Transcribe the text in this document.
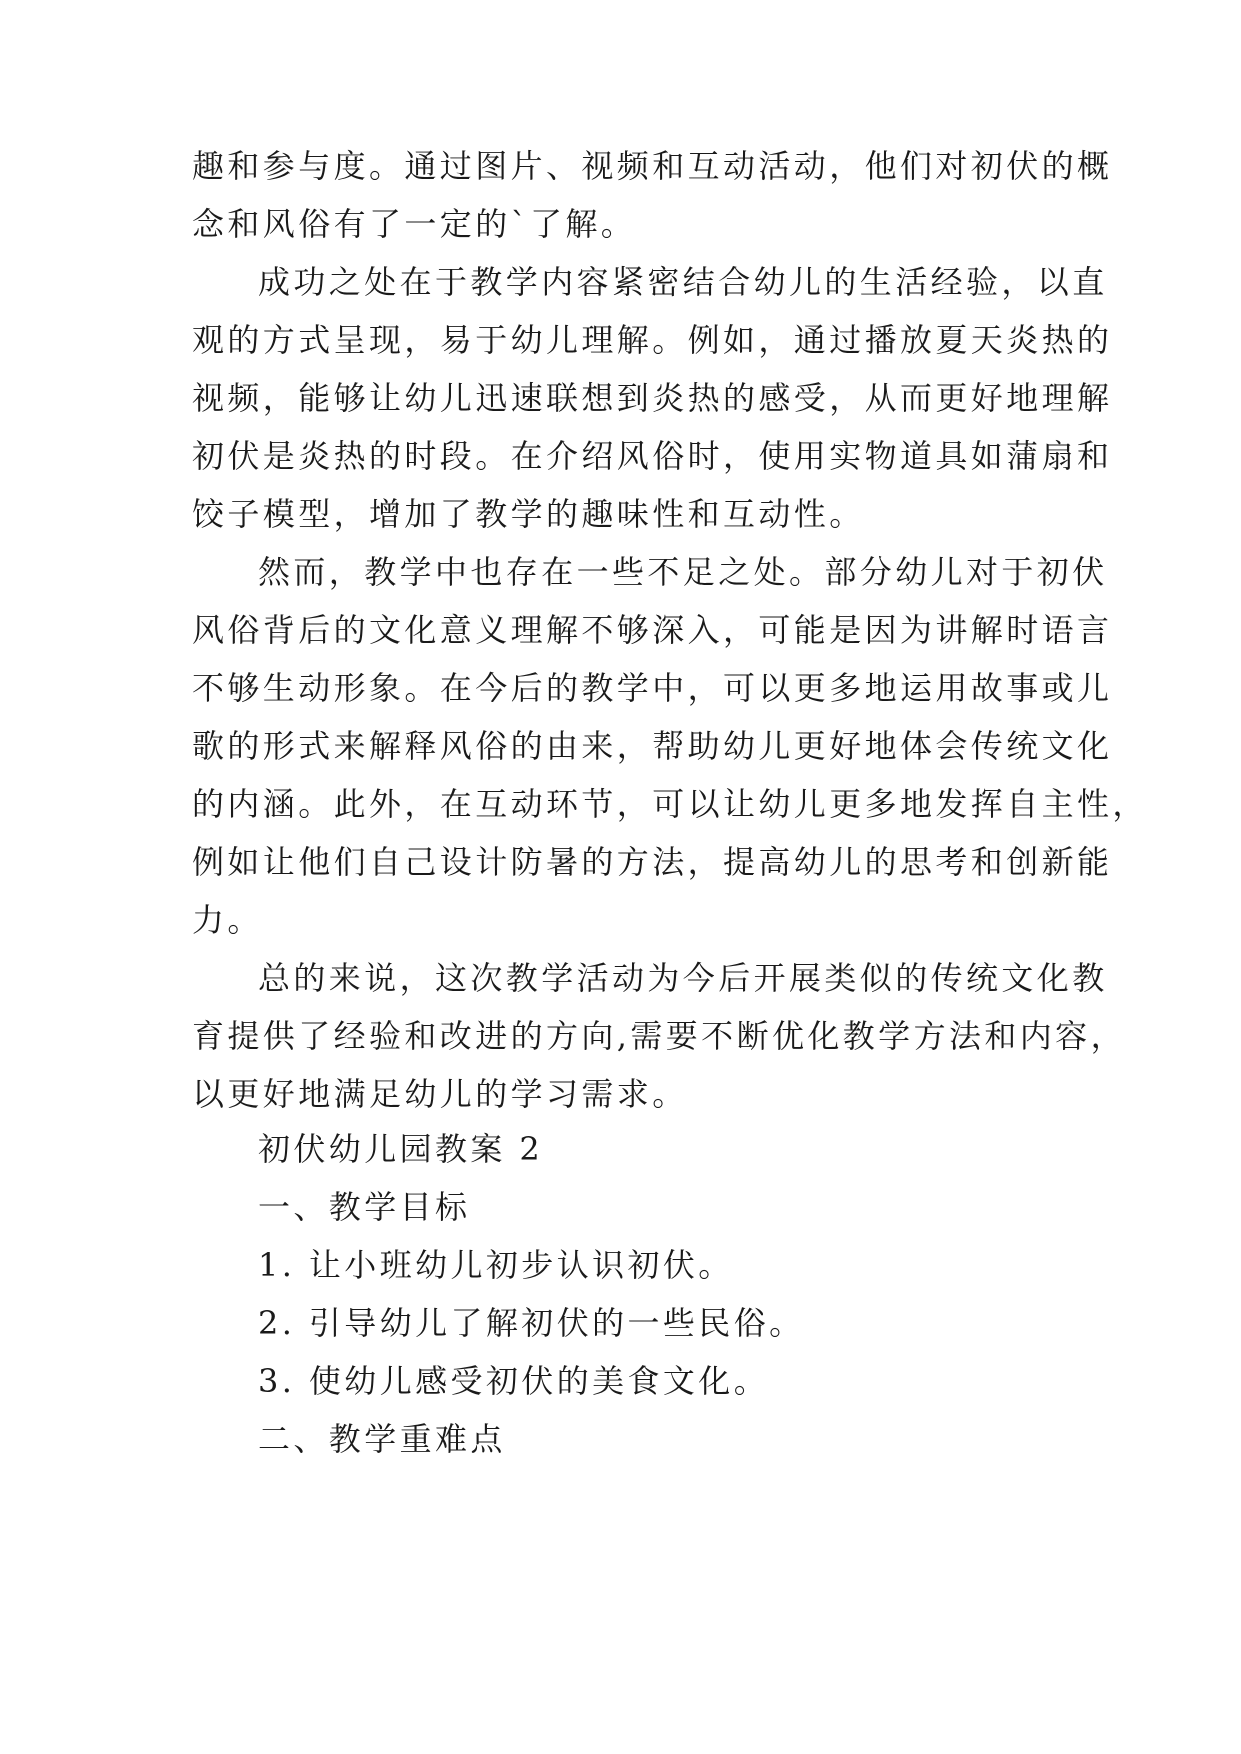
趣和参与度。通过图片、视频和互动活动，他们对初伏的概
念和风俗有了一定的`了解。
成功之处在于教学内容紧密结合幼儿的生活经验，以直
观的方式呈现，易于幼儿理解。例如，通过播放夏天炎热的
视频，能够让幼儿迅速联想到炎热的感受，从而更好地理解
初伏是炎热的时段。在介绍风俗时，使用实物道具如蒲扇和
饺子模型，增加了教学的趣味性和互动性。
然而，教学中也存在一些不足之处。部分幼儿对于初伏
风俗背后的文化意义理解不够深入，可能是因为讲解时语言
不够生动形象。在今后的教学中，可以更多地运用故事或儿
歌的形式来解释风俗的由来，帮助幼儿更好地体会传统文化
的内涵。此外，在互动环节，可以让幼儿更多地发挥自主性，
例如让他们自己设计防暑的方法，提高幼儿的思考和创新能
力。
总的来说，这次教学活动为今后开展类似的传统文化教
育提供了经验和改进的方向,需要不断优化教学方法和内容，
以更好地满足幼儿的学习需求。
初伏幼儿园教案 2
一、教学目标
1. 让小班幼儿初步认识初伏。
2. 引导幼儿了解初伏的一些民俗。
3. 使幼儿感受初伏的美食文化。
二、教学重难点
